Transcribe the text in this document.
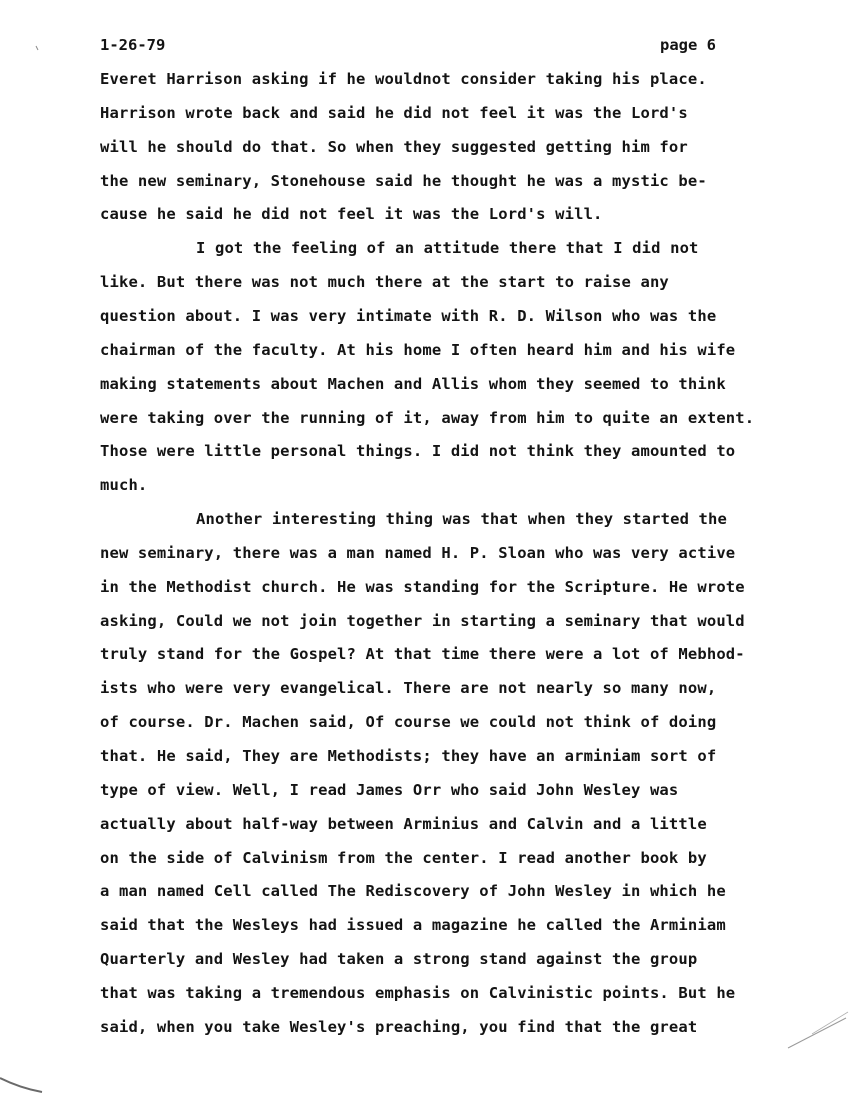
1-26-79	page 6
Everet Harrison asking if he wouldnot consider taking his place.
Harrison wrote back and said he did not feel it was the Lord's
will he should do that. So when they suggested getting him for
the new seminary, Stonehouse said he thought he was a mystic be-
cause he said he did not feel it was the Lord's will.
I got the feeling of an attitude there that I did not
like. But there was not much there at the start to raise any
question about. I was very intimate with R. D. Wilson who was the
chairman of the faculty. At his home I often heard him and his wife
making statements about Machen and Allis whom they seemed to think
were taking over the running of it, away from him to quite an extent.
Those were little personal things. I did not think they amounted to
much.
Another interesting thing was that when they started the
new seminary, there was a man named H. P. Sloan who was very active
in the Methodist church. He was standing for the Scripture. He wrote
asking, Could we not join together in starting a seminary that would
truly stand for the Gospel? At that time there were a lot of Mebhod-
ists who were very evangelical. There are not nearly so many now,
of course. Dr. Machen said, Of course we could not think of doing
that. He said, They are Methodists; they have an arminiam sort of
type of view. Well, I read James Orr who said John Wesley was
actually about half-way between Arminius and Calvin and a little
on the side of Calvinism from the center. I read another book by
a man named Cell called The Rediscovery of John Wesley in which he
said that the Wesleys had issued a magazine he called the Arminiam
Quarterly and Wesley had taken a strong stand against the group
that was taking a tremendous emphasis on Calvinistic points. But he
said, when you take Wesley's preaching, you find that the great
